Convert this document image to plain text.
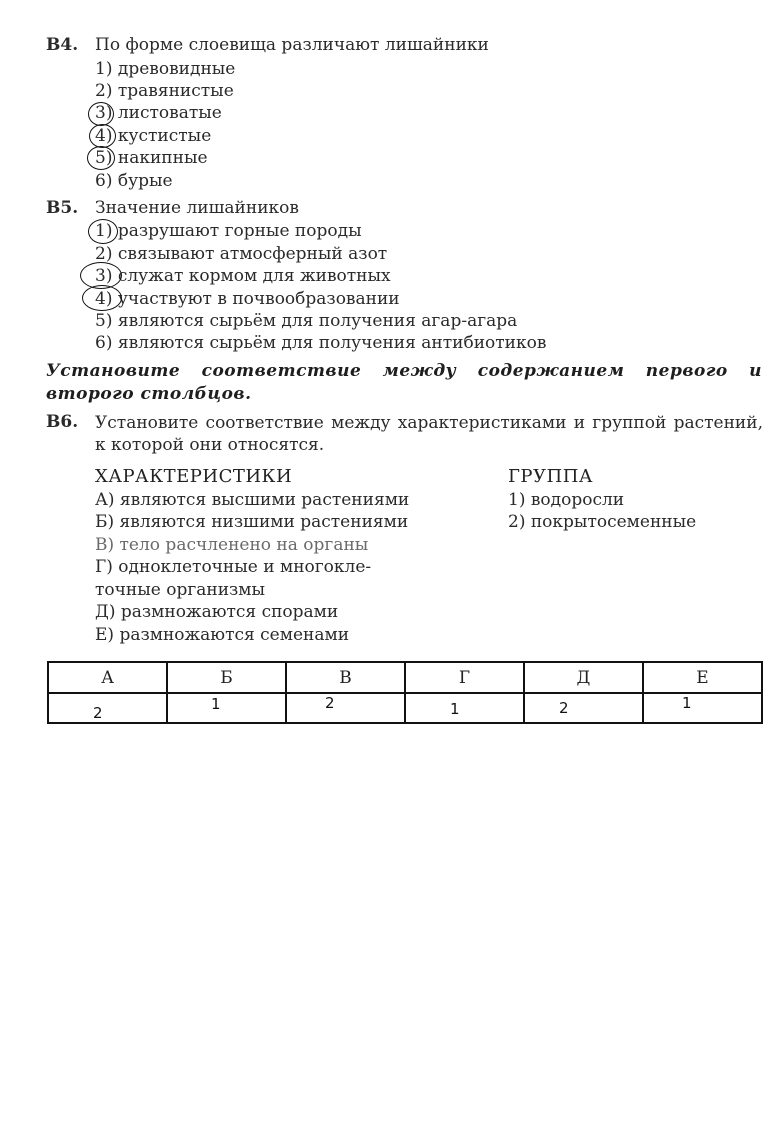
B4. По форме слоевища различают лишайники
1) древовидные
2) травянистые
3) листоватые
4) кустистые
5) накипные
6) бурые
B5. Значение лишайников
1) разрушают горные породы
2) связывают атмосферный азот
3) служат кормом для животных
4) участвуют в почвообразовании
5) являются сырьём для получения агар-агара
6) являются сырьём для получения антибиотиков
Установите соответствие между содержанием первого и второго столбцов.
B6. Установите соответствие между характеристиками и группой растений, к которой они относятся.
ХАРАКТЕРИСТИКИ	ГРУППА
А) являются высшими растениями
Б) являются низшими растениями
В) тело расчленено на органы
Г) одноклеточные и многокле-
точные организмы
Д) размножаются спорами
Е) размножаются семенами
1) водоросли
2) покрытосеменные
А	Б	В	Г	Д	Е

2	1	2	1	2	1
